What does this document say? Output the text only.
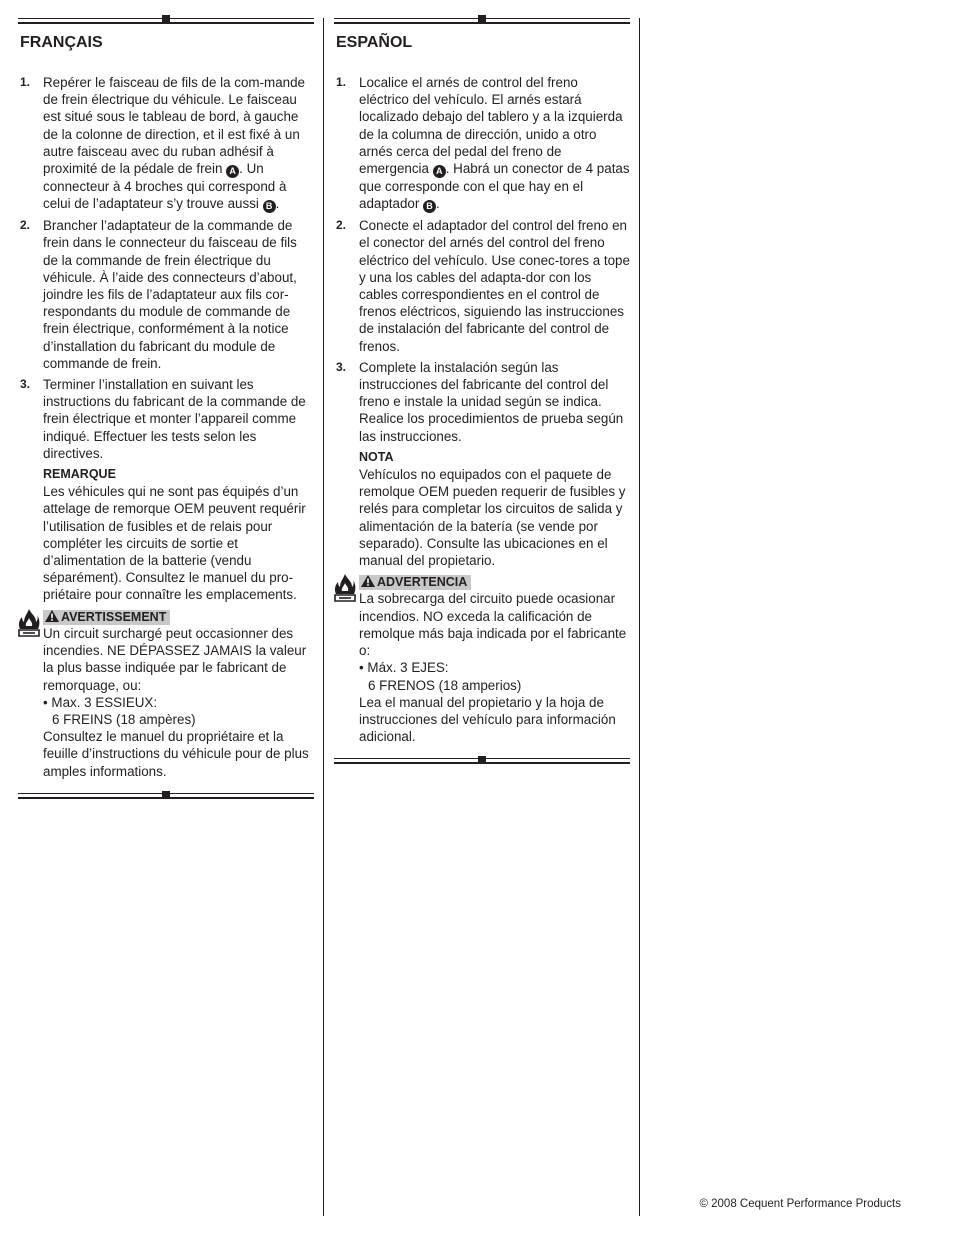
FRANÇAIS
1. Repérer le faisceau de fils de la com-mande de frein électrique du véhicule. Le faisceau est situé sous le tableau de bord, à gauche de la colonne de direction, et il est fixé à un autre faisceau avec du ruban adhésif à proximité de la pédale de frein A . Un connecteur à 4 broches qui correspond à celui de l’adaptateur s’y trouve aussi B .

2. Brancher l’adaptateur de la commande de frein dans le connecteur du faisceau de fils de la commande de frein électrique du véhicule. À l’aide des connecteurs d’about, joindre les fils de l’adaptateur aux fils cor-respondants du module de commande de frein électrique, conformément à la notice d’installation du fabricant du module de commande de frein.

3. Terminer l’installation en suivant les instructions du fabricant de la commande de frein électrique et monter l’appareil comme indiqué. Effectuer les tests selon les directives.

REMARQUE
Les véhicules qui ne sont pas équipés d’un attelage de remorque OEM peuvent requérir l’utilisation de fusibles et de relais pour compléter les circuits de sortie et d’alimentation de la batterie (vendu séparément). Consultez le manuel du pro-priétaire pour connaître les emplacements.
AVERTISSEMENT
Un circuit surchargé peut occasionner des incendies. NE DÉPASSEZ JAMAIS la valeur la plus basse indiquée par le fabricant de remorquage, ou:

• Max. 3 ESSIEUX:

6 FREINS (18 ampères)

Consultez le manuel du propriétaire et la feuille d’instructions du véhicule pour de plus amples informations.
ESPAÑOL
1. Localice el arnés de control del freno eléctrico del vehículo. El arnés estará localizado debajo del tablero y a la izquierda de la columna de dirección, unido a otro arnés cerca del pedal del freno de emergencia A . Habrá un conector de 4 patas que corresponde con el que hay en el adaptador B .

2. Conecte el adaptador del control del freno en el conector del arnés del control del freno eléctrico del vehículo. Use conec-tores a tope y una los cables del adapta-dor con los cables correspondientes en el control de frenos eléctricos, siguiendo las instrucciones de instalación del fabricante del control de frenos.

3. Complete la instalación según las instrucciones del fabricante del control del freno e instale la unidad según se indica. Realice los procedimientos de prueba según las instrucciones.

NOTA
Vehículos no equipados con el paquete de remolque OEM pueden requerir de fusibles y relés para completar los circuitos de salida y alimentación de la batería (se vende por separado). Consulte las ubicaciones en el manual del propietario.
ADVERTENCIA
La sobrecarga del circuito puede ocasionar incendios. NO exceda la calificación de remolque más baja indicada por el fabricante o:

• Máx. 3 EJES:

6 FRENOS (18 amperios)

Lea el manual del propietario y la hoja de instrucciones del vehículo para información adicional.
© 2008 Cequent Performance Products
